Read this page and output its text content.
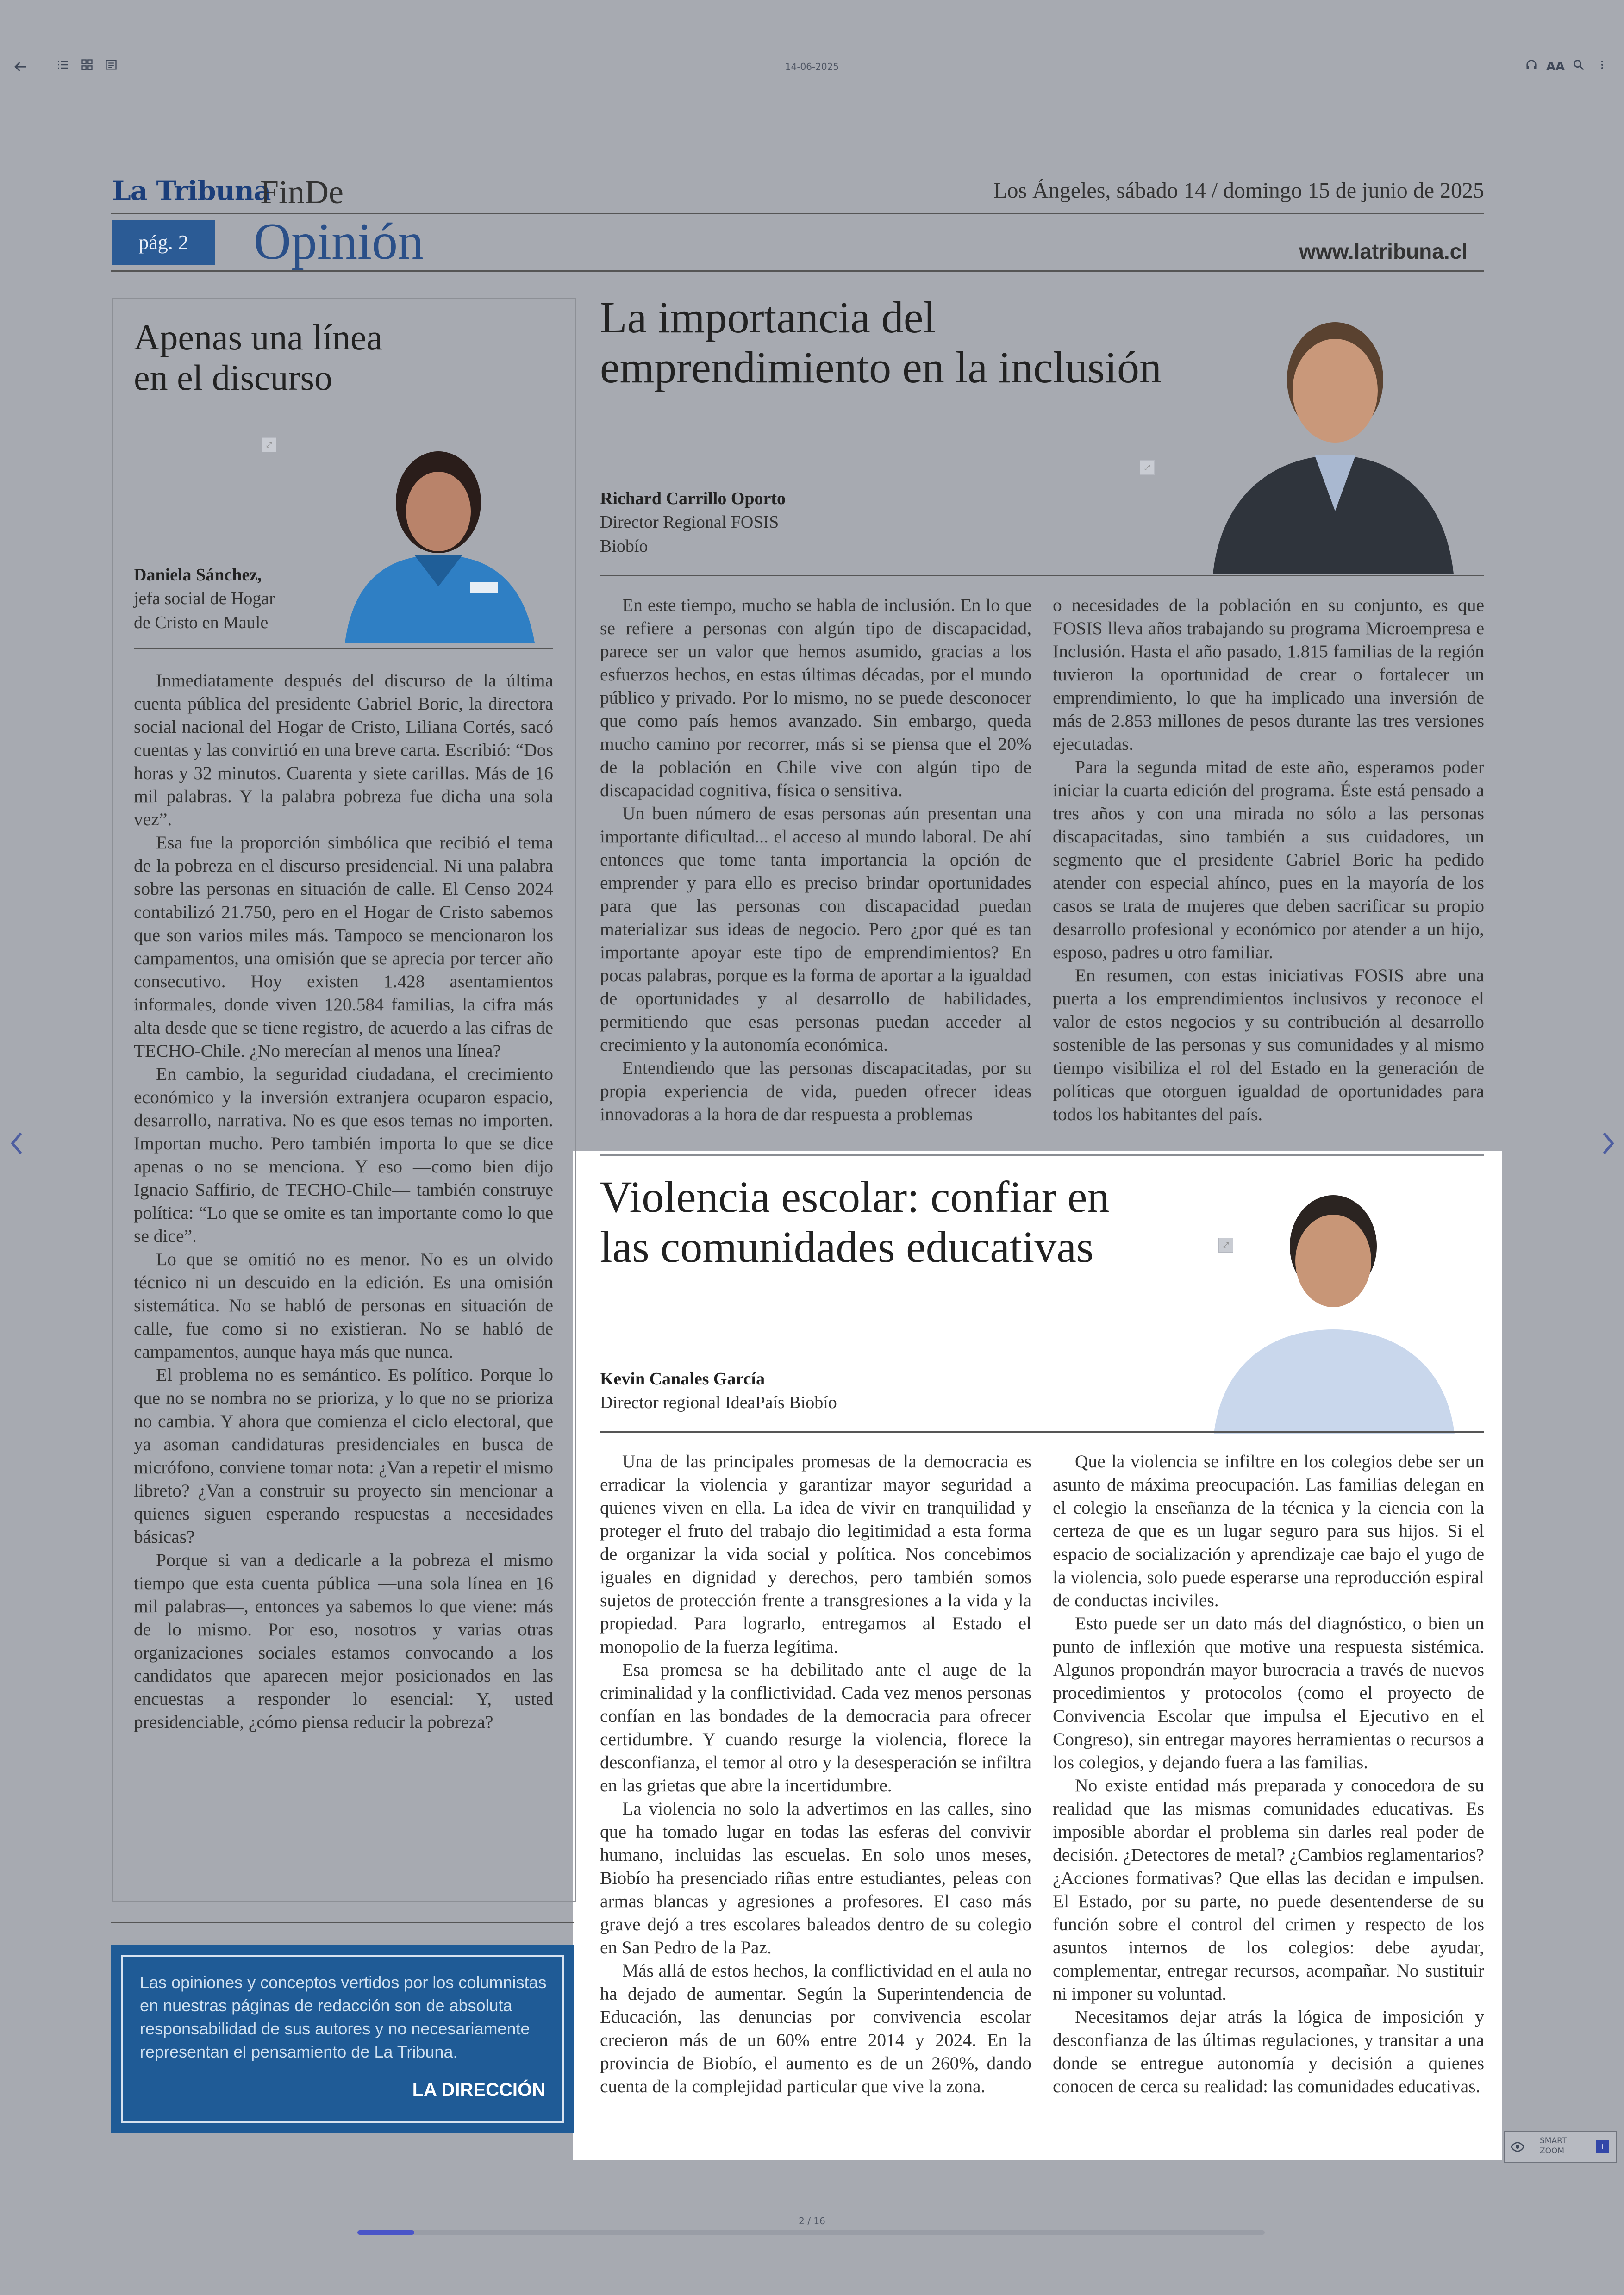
14-06-2025	AA
La Tribuna
FinDe	Los Ángeles, sábado 14 / domingo 15 de junio de 2025
pág. 2	Opinión	www.latribuna.cl
Apenas una línea en el discurso
⤢
Daniela Sánchez,
jefa social de Hogar
de Cristo en Maule

Inmediatamente después del discurso de la última cuenta pública del presidente Gabriel Boric, la directora social nacional del Hogar de Cristo, Liliana Cortés, sacó cuentas y las convirtió en una breve carta. Escribió: “Dos horas y 32 minutos. Cuarenta y siete carillas. Más de 16 mil palabras. Y la palabra pobreza fue dicha una sola vez”.

Esa fue la proporción simbólica que recibió el tema de la pobreza en el discurso presidencial. Ni una palabra sobre las personas en situación de calle. El Censo 2024 contabilizó 21.750, pero en el Hogar de Cristo sabemos que son varios miles más. Tampoco se mencionaron los campamentos, una omisión que se aprecia por tercer año consecutivo. Hoy existen 1.428 asentamientos informales, donde viven 120.584 familias, la cifra más alta desde que se tiene registro, de acuerdo a las cifras de TECHO-Chile. ¿No merecían al menos una línea?

En cambio, la seguridad ciudadana, el crecimiento económico y la inversión extranjera ocuparon espacio, desarrollo, narrativa. No es que esos temas no importen. Importan mucho. Pero también importa lo que se dice apenas o no se menciona. Y eso —como bien dijo Ignacio Saffirio, de TECHO-Chile— también construye política: “Lo que se omite es tan importante como lo que se dice”.

Lo que se omitió no es menor. No es un olvido técnico ni un descuido en la edición. Es una omisión sistemática. No se habló de personas en situación de calle, fue como si no existieran. No se habló de campamentos, aunque haya más que nunca.

El problema no es semántico. Es político. Porque lo que no se nombra no se prioriza, y lo que no se prioriza no cambia. Y ahora que comienza el ciclo electoral, que ya asoman candidaturas presidenciales en busca de micrófono, conviene tomar nota: ¿Van a repetir el mismo libreto? ¿Van a construir su proyecto sin mencionar a quienes siguen esperando respuestas a necesidades básicas?

Porque si van a dedicarle a la pobreza el mismo tiempo que esta cuenta pública —una sola línea en 16 mil palabras—, entonces ya sabemos lo que viene: más de lo mismo. Por eso, nosotros y varias otras organizaciones sociales estamos convocando a los candidatos que aparecen mejor posicionados en las encuestas a responder lo esencial: Y, usted presidenciable, ¿cómo piensa reducir la pobreza?

La importancia del
emprendimiento en la inclusión
Richard Carrillo Oporto
Director Regional FOSIS
Biobío
⤢

En este tiempo, mucho se habla de inclusión. En lo que se refiere a personas con algún tipo de discapacidad, parece ser un valor que hemos asumido, gracias a los esfuerzos hechos, en estas últimas décadas, por el mundo público y privado. Por lo mismo, no se puede desconocer que como país hemos avanzado. Sin embargo, queda mucho camino por recorrer, más si se piensa que el 20% de la población en Chile vive con algún tipo de discapacidad cognitiva, física o sensitiva.

Un buen número de esas personas aún presentan una importante dificultad... el acceso al mundo laboral. De ahí entonces que tome tanta importancia la opción de emprender y para ello es preciso brindar oportunidades para que las personas con discapacidad puedan materializar sus ideas de negocio. Pero ¿por qué es tan importante apoyar este tipo de emprendimientos? En pocas palabras, porque es la forma de aportar a la igualdad de oportunidades y al desarrollo de habilidades, permitiendo que esas personas puedan acceder al crecimiento y la autonomía económica.

Entendiendo que las personas discapacitadas, por su propia experiencia de vida, pueden ofrecer ideas innovadoras a la hora de dar respuesta a problemas

o necesidades de la población en su conjunto, es que FOSIS lleva años trabajando su programa Microempresa e Inclusión. Hasta el año pasado, 1.815 familias de la región tuvieron la oportunidad de crear o fortalecer un emprendimiento, lo que ha implicado una inversión de más de 2.853 millones de pesos durante las tres versiones ejecutadas.

Para la segunda mitad de este año, esperamos poder iniciar la cuarta edición del programa. Éste está pensado a tres años y con una mirada no sólo a las personas discapacitadas, sino también a sus cuidadores, un segmento que el presidente Gabriel Boric ha pedido atender con especial ahínco, pues en la mayoría de los casos se trata de mujeres que deben sacrificar su propio desarrollo profesional y económico por atender a un hijo, esposo, padres u otro familiar.

En resumen, con estas iniciativas FOSIS abre una puerta a los emprendimientos inclusivos y reconoce el valor de estos negocios y su contribución al desarrollo sostenible de las personas y sus comunidades y al mismo tiempo visibiliza el rol del Estado en la generación de políticas que otorguen igualdad de oportunidades para todos los habitantes del país.

Violencia escolar: confiar en
las comunidades educativas	⤢
Kevin Canales García
Director regional IdeaPaís Biobío

Una de las principales promesas de la democracia es erradicar la violencia y garantizar mayor seguridad a quienes viven en ella. La idea de vivir en tranquilidad y proteger el fruto del trabajo dio legitimidad a esta forma de organizar la vida social y política. Nos concebimos iguales en dignidad y derechos, pero también somos sujetos de protección frente a transgresiones a la vida y la propiedad. Para lograrlo, entregamos al Estado el monopolio de la fuerza legítima.

Esa promesa se ha debilitado ante el auge de la criminalidad y la conflictividad. Cada vez menos personas confían en las bondades de la democracia para ofrecer certidumbre. Y cuando resurge la violencia, florece la desconfianza, el temor al otro y la desesperación se infiltra en las grietas que abre la incertidumbre.

La violencia no solo la advertimos en las calles, sino que ha tomado lugar en todas las esferas del convivir humano, incluidas las escuelas. En solo unos meses, Biobío ha presenciado riñas entre estudiantes, peleas con armas blancas y agresiones a profesores. El caso más grave dejó a tres escolares baleados dentro de su colegio en San Pedro de la Paz.

Más allá de estos hechos, la conflictividad en el aula no ha dejado de aumentar. Según la Superintendencia de Educación, las denuncias por convivencia escolar crecieron más de un 60% entre 2014 y 2024. En la provincia de Biobío, el aumento es de un 260%, dando cuenta de la complejidad particular que vive la zona.

Que la violencia se infiltre en los colegios debe ser un asunto de máxima preocupación. Las familias delegan en el colegio la enseñanza de la técnica y la ciencia con la certeza de que es un lugar seguro para sus hijos. Si el espacio de socialización y aprendizaje cae bajo el yugo de la violencia, solo puede esperarse una reproducción espiral de conductas inciviles.

Esto puede ser un dato más del diagnóstico, o bien un punto de inflexión que motive una respuesta sistémica. Algunos propondrán mayor burocracia a través de nuevos procedimientos y protocolos (como el proyecto de Convivencia Escolar que impulsa el Ejecutivo en el Congreso), sin entregar mayores herramientas o recursos a los colegios, y dejando fuera a las familias.

No existe entidad más preparada y conocedora de su realidad que las mismas comunidades educativas. Es imposible abordar el problema sin darles real poder de decisión. ¿Detectores de metal? ¿Cambios reglamentarios? ¿Acciones formativas? Que ellas las decidan e impulsen. El Estado, por su parte, no puede desentenderse de su función sobre el control del crimen y respecto de los asuntos internos de los colegios: debe ayudar, complementar, entregar recursos, acompañar. No sustituir ni imponer su voluntad.

Necesitamos dejar atrás la lógica de imposición y desconfianza de las últimas regulaciones, y transitar a una donde se entregue autonomía y decisión a quienes conocen de cerca su realidad: las comunidades educativas.

Las opiniones y conceptos vertidos por los columnistas en nuestras páginas de redacción son de absoluta responsabilidad de sus autores y no necesariamente representan el pensamiento de La Tribuna.
LA DIRECCIÓN
SMART
ZOOM	i
2 / 16
